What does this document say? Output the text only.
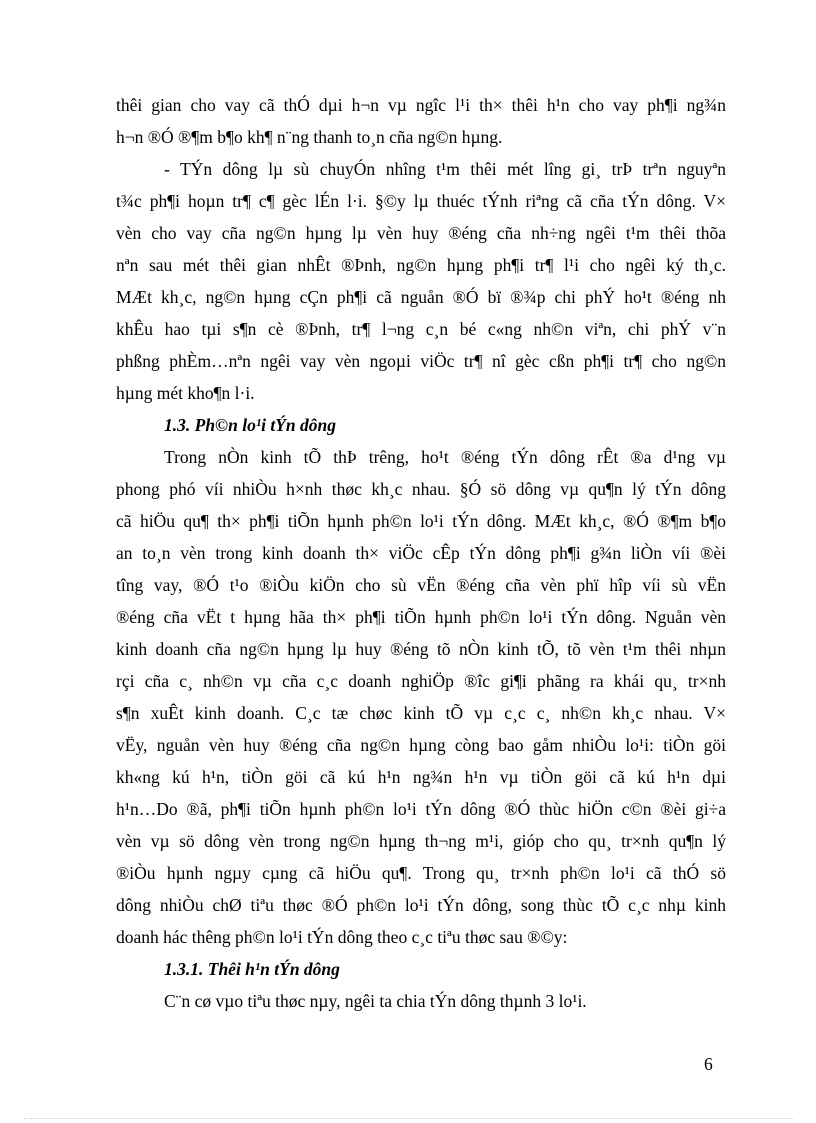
thêi gian cho vay cã thÓ dµi h¬n vµ ngîc l¹i th× thêi h¹n cho vay ph¶i ng¾n
h¬n ®Ó ®¶m b¶o kh¶ n¨ng thanh to¸n cña ng©n hµng.
- TÝn dông lµ sù chuyÓn nhîng t¹m thêi mét lîng gi¸ trÞ trªn nguyªn
t¾c ph¶i hoµn tr¶ c¶ gèc lÉn l·i. §©y lµ thuéc tÝnh riªng cã cña tÝn dông. V×
vèn cho vay cña ng©n hµng lµ vèn huy ®éng cña nh÷ng ngêi t¹m thêi thõa
nªn sau mét thêi gian nhÊt ®Þnh, ng©n hµng ph¶i tr¶ l¹i cho ngêi ký th¸c.
MÆt kh¸c, ng©n hµng cÇn ph¶i cã nguån ®Ó bï ®¾p chi phÝ ho¹t ®éng nh
khÊu hao tµi s¶n cè ®Þnh, tr¶ l¬ng c¸n bé c«ng nh©n viªn, chi phÝ v¨n
phßng phÈm…nªn ngêi vay vèn ngoµi viÖc tr¶ nî gèc cßn ph¶i tr¶ cho ng©n
hµng mét kho¶n l·i.
1.3. Ph©n lo¹i tÝn dông
Trong nÒn kinh tÕ thÞ trêng, ho¹t ®éng tÝn dông rÊt ®a d¹ng vµ
phong phó víi nhiÒu h×nh thøc kh¸c nhau. §Ó sö dông vµ qu¶n lý tÝn dông
cã hiÖu qu¶ th× ph¶i tiÕn hµnh ph©n lo¹i tÝn dông. MÆt kh¸c, ®Ó ®¶m b¶o
an to¸n vèn trong kinh doanh th× viÖc cÊp tÝn dông ph¶i g¾n liÒn víi ®èi
tîng vay, ®Ó t¹o ®iÒu kiÖn cho sù vËn ®éng cña vèn phï hîp víi sù vËn
®éng cña vËt t hµng hãa th× ph¶i tiÕn hµnh ph©n lo¹i tÝn dông. Nguån vèn
kinh doanh cña ng©n hµng lµ huy ®éng tõ nÒn kinh tÕ, tõ vèn t¹m thêi nhµn
rçi cña c¸ nh©n vµ cña c¸c doanh nghiÖp ®îc gi¶i phãng ra khái qu¸ tr×nh
s¶n xuÊt kinh doanh. C¸c tæ chøc kinh tÕ vµ c¸c c¸ nh©n kh¸c nhau. V×
vËy, nguån vèn huy ®éng cña ng©n hµng còng bao gåm nhiÒu lo¹i: tiÒn göi
kh«ng kú h¹n, tiÒn göi cã kú h¹n ng¾n h¹n vµ tiÒn göi cã kú h¹n dµi
h¹n…Do ®ã, ph¶i tiÕn hµnh ph©n lo¹i tÝn dông ®Ó thùc hiÖn c©n ®èi gi÷a
vèn vµ sö dông vèn trong ng©n hµng th¬ng m¹i, gióp cho qu¸ tr×nh qu¶n lý
®iÒu hµnh ngµy cµng cã hiÖu qu¶. Trong qu¸ tr×nh ph©n lo¹i cã thÓ sö
dông nhiÒu chØ tiªu thøc ®Ó ph©n lo¹i tÝn dông, song thùc tÕ c¸c nhµ kinh
doanh hác thêng ph©n lo¹i tÝn dông theo c¸c tiªu thøc sau ®©y:
1.3.1. Thêi h¹n tÝn dông
C¨n cø vµo tiªu thøc nµy, ngêi ta chia tÝn dông thµnh 3 lo¹i.
6
